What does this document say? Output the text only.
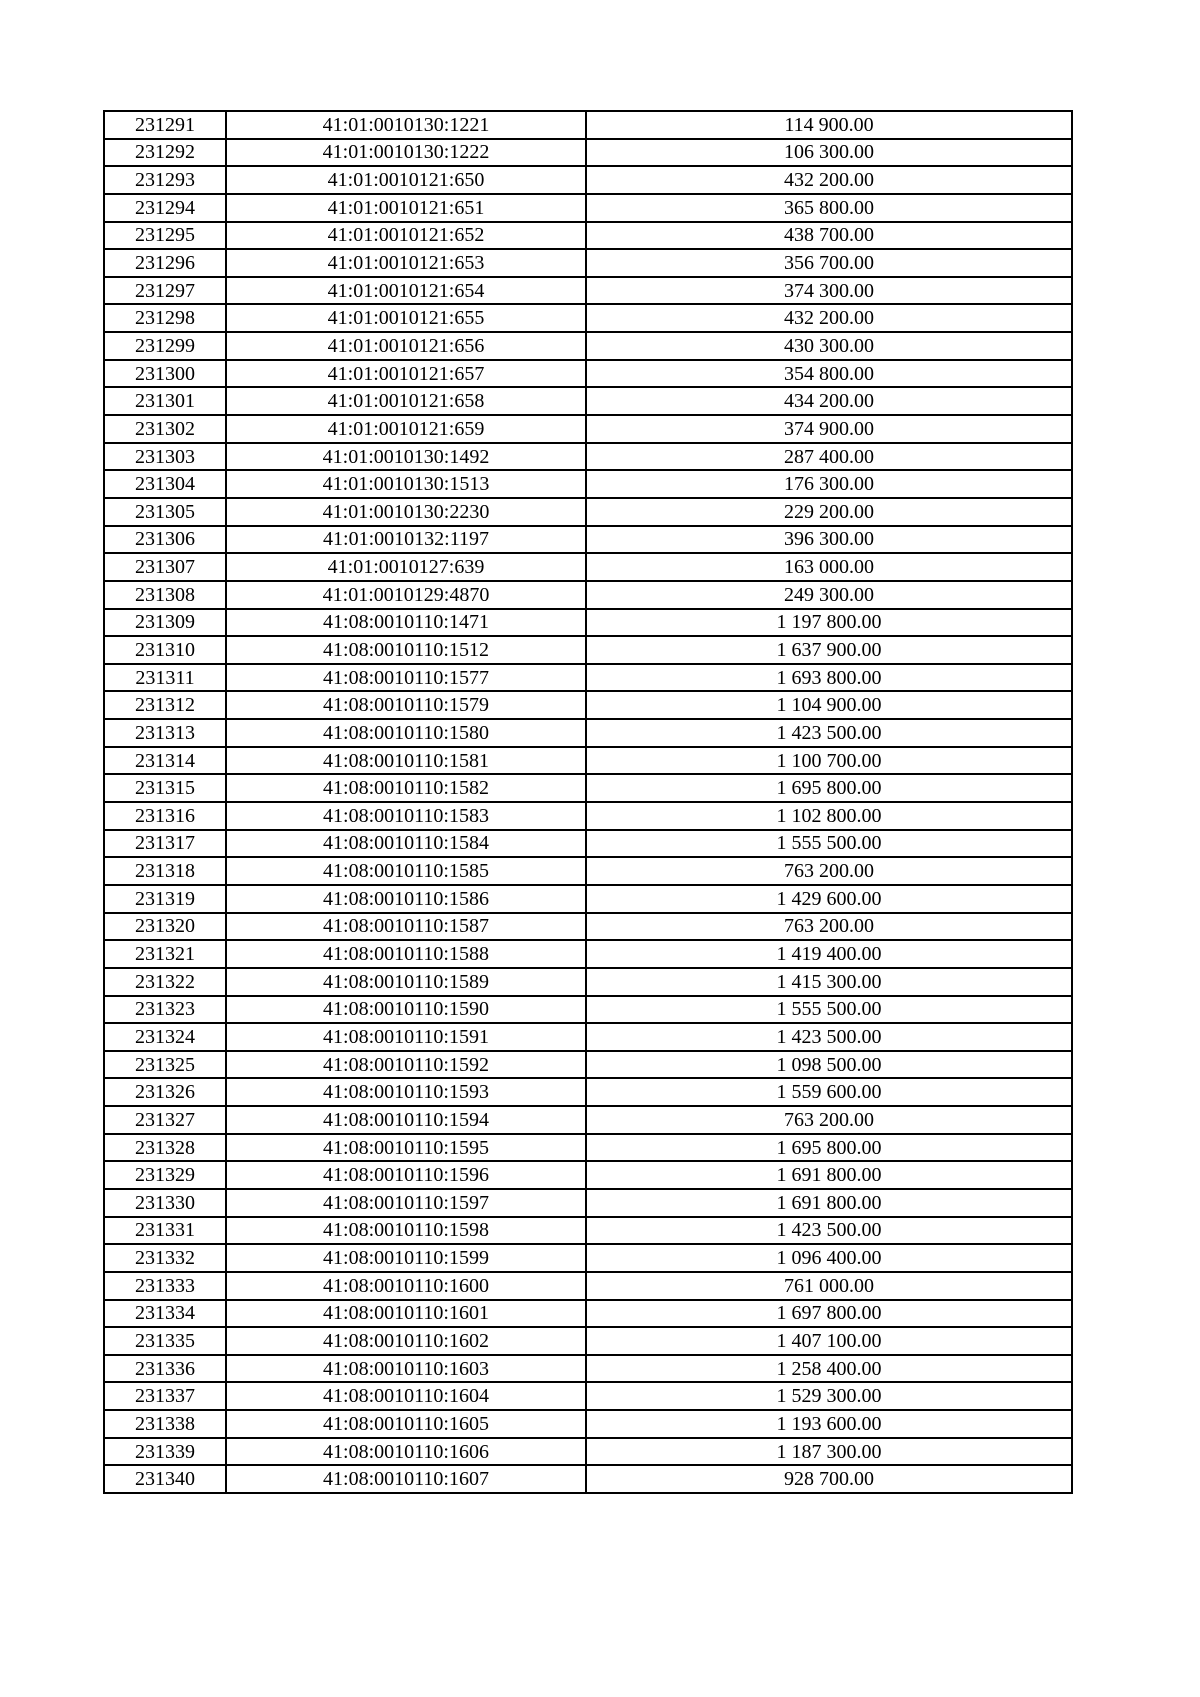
231291	41:01:0010130:1221	114 900.00
231292	41:01:0010130:1222	106 300.00
231293	41:01:0010121:650	432 200.00
231294	41:01:0010121:651	365 800.00
231295	41:01:0010121:652	438 700.00
231296	41:01:0010121:653	356 700.00
231297	41:01:0010121:654	374 300.00
231298	41:01:0010121:655	432 200.00
231299	41:01:0010121:656	430 300.00
231300	41:01:0010121:657	354 800.00
231301	41:01:0010121:658	434 200.00
231302	41:01:0010121:659	374 900.00
231303	41:01:0010130:1492	287 400.00
231304	41:01:0010130:1513	176 300.00
231305	41:01:0010130:2230	229 200.00
231306	41:01:0010132:1197	396 300.00
231307	41:01:0010127:639	163 000.00
231308	41:01:0010129:4870	249 300.00
231309	41:08:0010110:1471	1 197 800.00
231310	41:08:0010110:1512	1 637 900.00
231311	41:08:0010110:1577	1 693 800.00
231312	41:08:0010110:1579	1 104 900.00
231313	41:08:0010110:1580	1 423 500.00
231314	41:08:0010110:1581	1 100 700.00
231315	41:08:0010110:1582	1 695 800.00
231316	41:08:0010110:1583	1 102 800.00
231317	41:08:0010110:1584	1 555 500.00
231318	41:08:0010110:1585	763 200.00
231319	41:08:0010110:1586	1 429 600.00
231320	41:08:0010110:1587	763 200.00
231321	41:08:0010110:1588	1 419 400.00
231322	41:08:0010110:1589	1 415 300.00
231323	41:08:0010110:1590	1 555 500.00
231324	41:08:0010110:1591	1 423 500.00
231325	41:08:0010110:1592	1 098 500.00
231326	41:08:0010110:1593	1 559 600.00
231327	41:08:0010110:1594	763 200.00
231328	41:08:0010110:1595	1 695 800.00
231329	41:08:0010110:1596	1 691 800.00
231330	41:08:0010110:1597	1 691 800.00
231331	41:08:0010110:1598	1 423 500.00
231332	41:08:0010110:1599	1 096 400.00
231333	41:08:0010110:1600	761 000.00
231334	41:08:0010110:1601	1 697 800.00
231335	41:08:0010110:1602	1 407 100.00
231336	41:08:0010110:1603	1 258 400.00
231337	41:08:0010110:1604	1 529 300.00
231338	41:08:0010110:1605	1 193 600.00
231339	41:08:0010110:1606	1 187 300.00
231340	41:08:0010110:1607	928 700.00
